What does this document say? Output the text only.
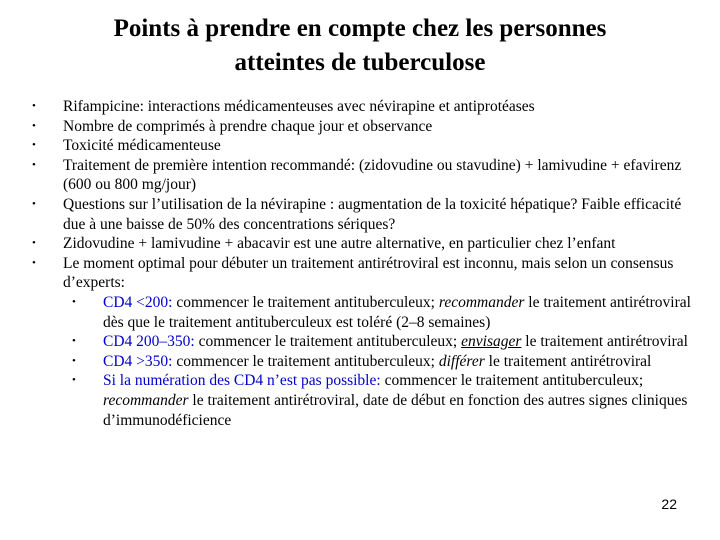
Points à prendre en compte chez les personnes
atteintes de tuberculose
•	Rifampicine: interactions médicamenteuses avec névirapine et antiprotéases
•	Nombre de comprimés à prendre chaque jour et observance
•	Toxicité médicamenteuse
•	Traitement de première intention recommandé: (zidovudine ou stavudine) + lamivudine + efavirenz (600 ou 800 mg/jour)
•	Questions sur l’utilisation de la névirapine : augmentation de la toxicité hépatique? Faible efficacité due à une baisse de 50% des concentrations sériques?
•	Zidovudine + lamivudine + abacavir est une autre alternative, en particulier chez l’enfant
•	Le moment optimal pour débuter un traitement antirétroviral est inconnu, mais selon un consensus d’experts:
•	CD4 <200: commencer le traitement antituberculeux; recommander le traitement antirétroviral dès que le traitement antituberculeux est toléré (2–8 semaines)
•	CD4 200–350: commencer le traitement antituberculeux; envisager le traitement antirétroviral
•	CD4 >350: commencer le traitement antituberculeux; différer le traitement antirétroviral
•	Si la numération des CD4 n’est pas possible: commencer le traitement antituberculeux; recommander le traitement antirétroviral, date de début en fonction des autres signes cliniques d’immunodéficience
22
